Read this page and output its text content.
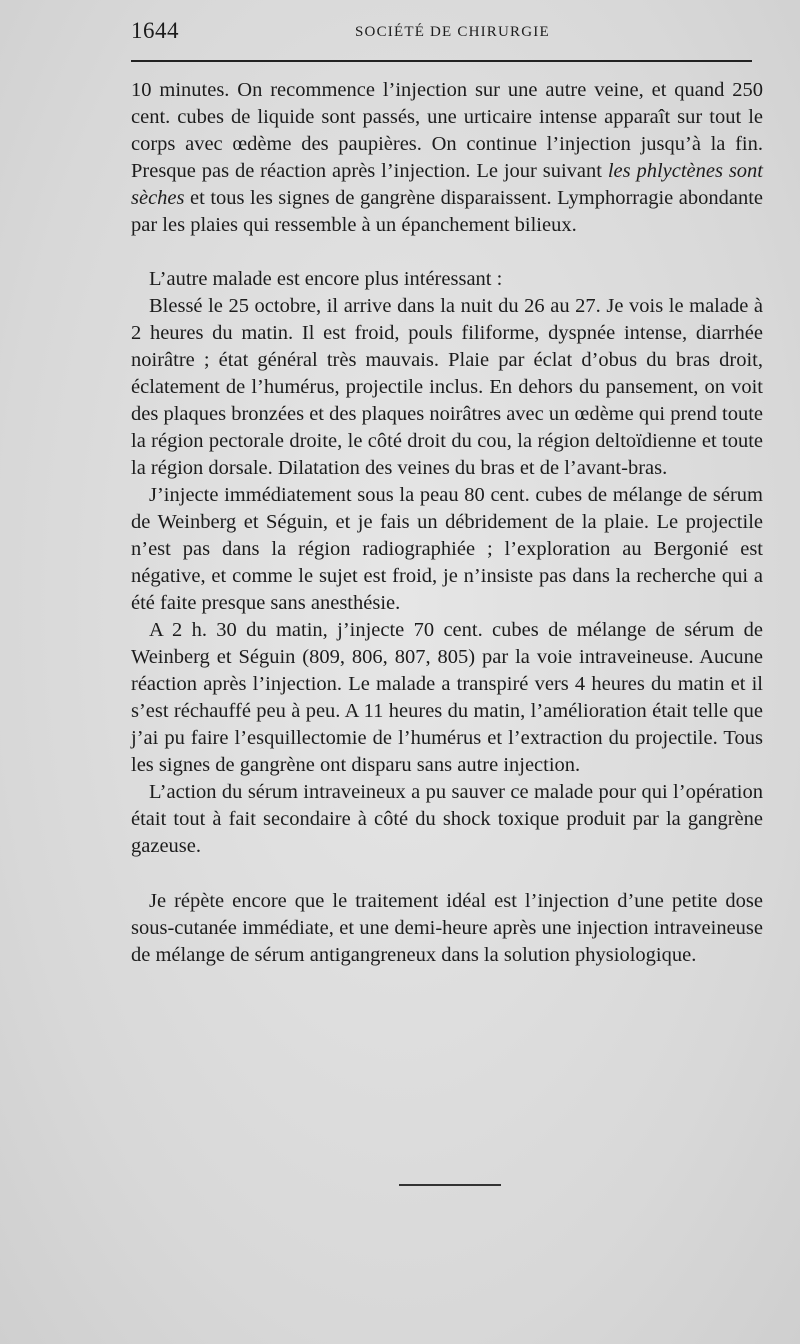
1644	SOCIÉTÉ DE CHIRURGIE

10 minutes. On recommence l’injection sur une autre veine, et quand 250 cent. cubes de liquide sont passés, une urticaire intense apparaît sur tout le corps avec œdème des paupières. On continue l’injection jusqu’à la fin. Presque pas de réaction après l’injection. Le jour suivant les phlyctènes sont sèches et tous les signes de gangrène disparaissent. Lymphorragie abondante par les plaies qui ressemble à un épanchement bilieux.

L’autre malade est encore plus intéressant :

Blessé le 25 octobre, il arrive dans la nuit du 26 au 27. Je vois le malade à 2 heures du matin. Il est froid, pouls filiforme, dyspnée intense, diarrhée noirâtre ; état général très mauvais. Plaie par éclat d’obus du bras droit, éclatement de l’humérus, projectile inclus. En dehors du pansement, on voit des plaques bronzées et des plaques noirâtres avec un œdème qui prend toute la région pectorale droite, le côté droit du cou, la région deltoïdienne et toute la région dorsale. Dilatation des veines du bras et de l’avant-bras.

J’injecte immédiatement sous la peau 80 cent. cubes de mélange de sérum de Weinberg et Séguin, et je fais un débridement de la plaie. Le projectile n’est pas dans la région radiographiée ; l’exploration au Bergonié est négative, et comme le sujet est froid, je n’insiste pas dans la recherche qui a été faite presque sans anesthésie.

A 2 h. 30 du matin, j’injecte 70 cent. cubes de mélange de sérum de Weinberg et Séguin (809, 806, 807, 805) par la voie intraveineuse. Aucune réaction après l’injection. Le malade a transpiré vers 4 heures du matin et il s’est réchauffé peu à peu. A 11 heures du matin, l’amélioration était telle que j’ai pu faire l’esquillectomie de l’humérus et l’extraction du projectile. Tous les signes de gangrène ont disparu sans autre injection.

L’action du sérum intraveineux a pu sauver ce malade pour qui l’opération était tout à fait secondaire à côté du shock toxique produit par la gangrène gazeuse.

Je répète encore que le traitement idéal est l’injection d’une petite dose sous-cutanée immédiate, et une demi-heure après une injection intraveineuse de mélange de sérum antigangreneux dans la solution physiologique.
